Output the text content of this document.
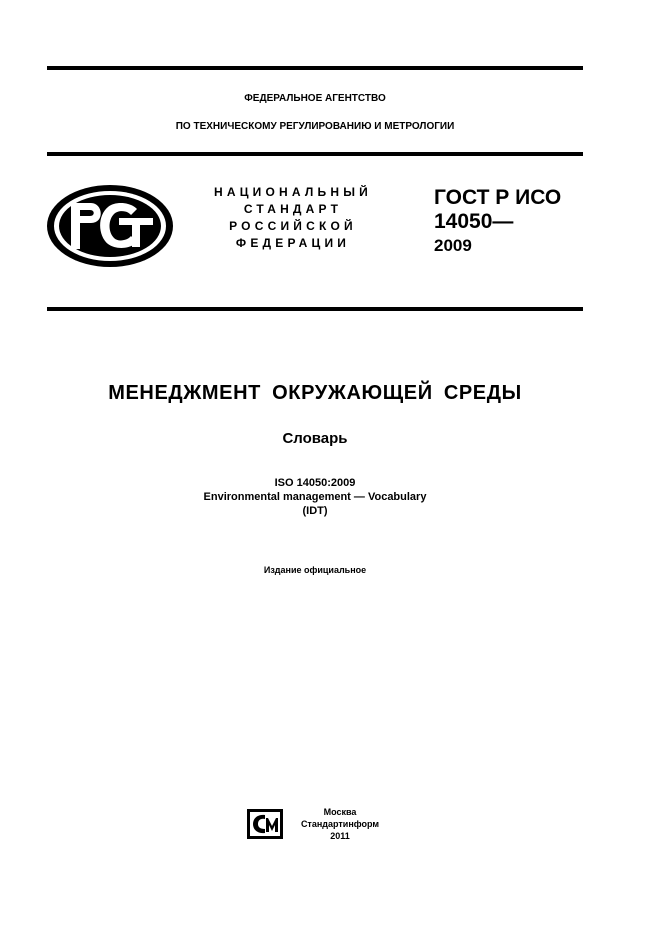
ФЕДЕРАЛЬНОЕ АГЕНТСТВО
ПО ТЕХНИЧЕСКОМУ РЕГУЛИРОВАНИЮ И МЕТРОЛОГИИ
НАЦИОНАЛЬНЫЙ
СТАНДАРТ
РОССИЙСКОЙ
ФЕДЕРАЦИИ
ГОСТ Р ИСО
14050—
2009
МЕНЕДЖМЕНТ ОКРУЖАЮЩЕЙ СРЕДЫ
Словарь
ISO 14050:2009
Environmental management — Vocabulary
(IDT)
Издание официальное
Москва
Стандартинформ
2011
